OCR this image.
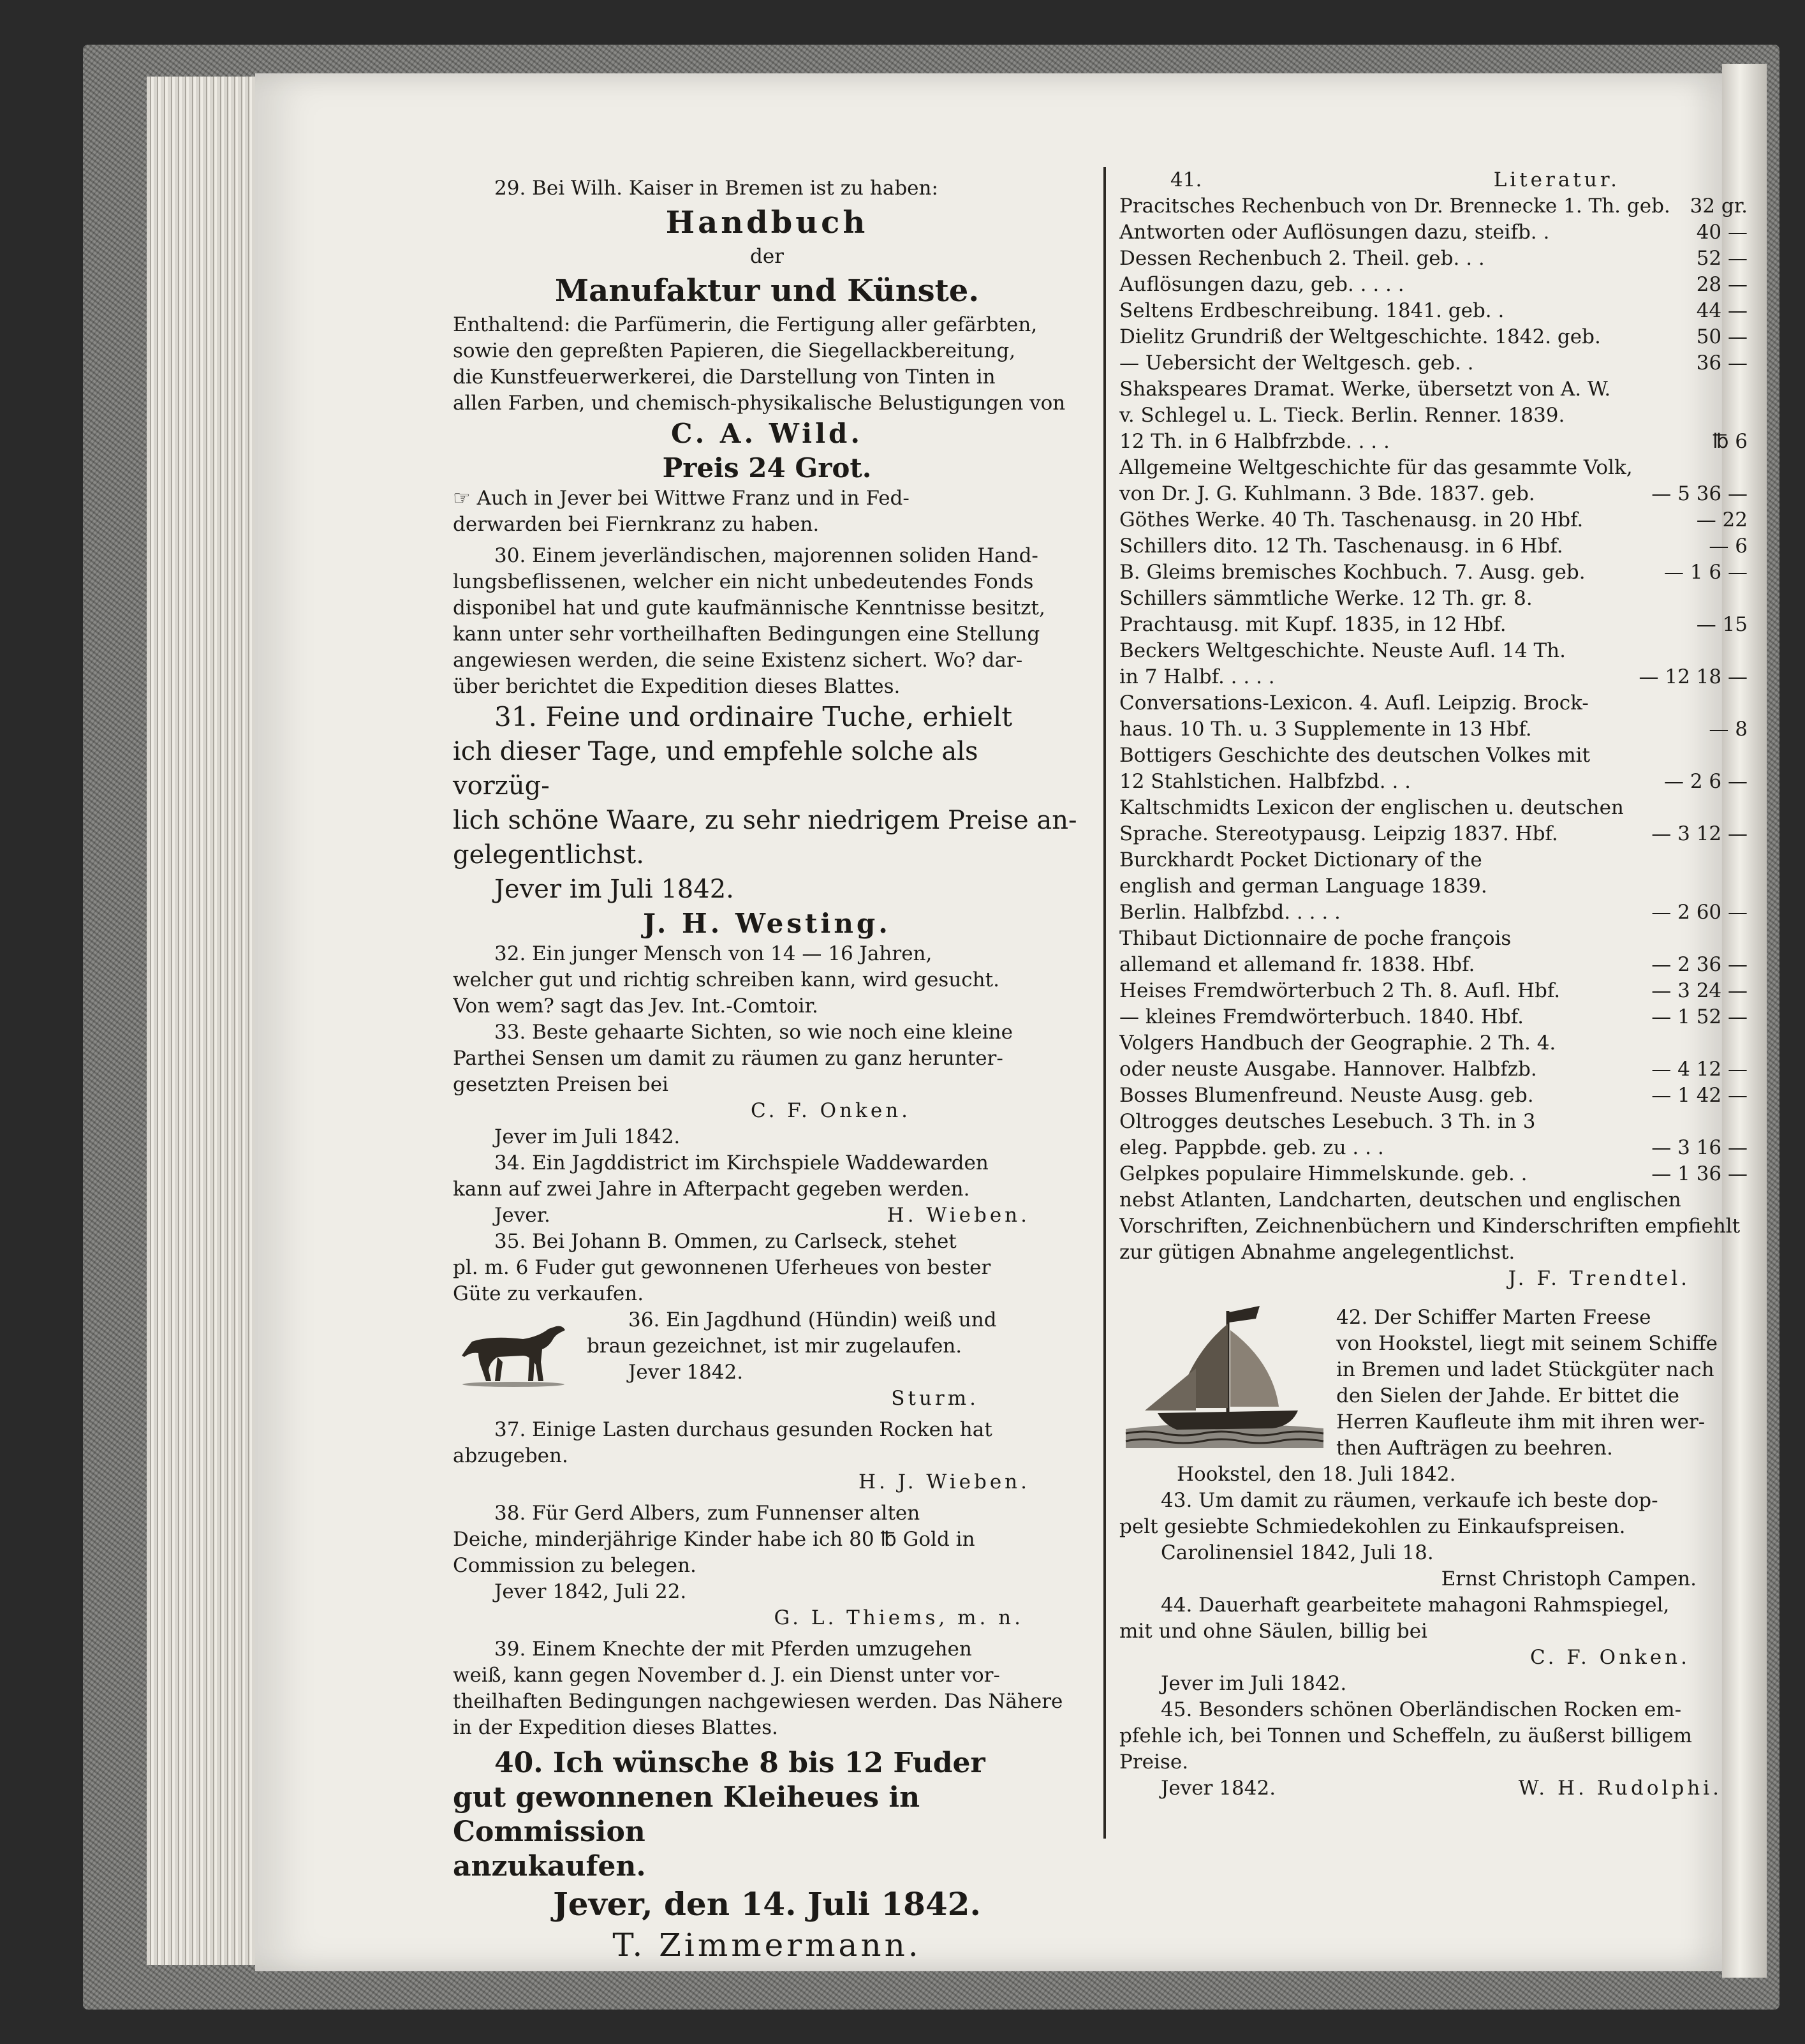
29. Bei Wilh. Kaiser in Bremen ist zu haben:
Handbuch
der
Manufaktur und Künste.
Enthaltend: die Parfümerin, die Fertigung aller gefärbten,
sowie den gepreßten Papieren, die Siegellackbereitung,
die Kunstfeuerwerkerei, die Darstellung von Tinten in
allen Farben, und chemisch-physikalische Belustigungen von
C. A. Wild.
Preis 24 Grot.
☞ Auch in Jever bei Wittwe Franz und in Fed-
derwarden bei Fiernkranz zu haben.
30. Einem jeverländischen, majorennen soliden Hand-
lungsbeflissenen, welcher ein nicht unbedeutendes Fonds
disponibel hat und gute kaufmännische Kenntnisse besitzt,
kann unter sehr vortheilhaften Bedingungen eine Stellung
angewiesen werden, die seine Existenz sichert. Wo? dar-
über berichtet die Expedition dieses Blattes.
31. Feine und ordinaire Tuche, erhielt
ich dieser Tage, und empfehle solche als vorzüg-
lich schöne Waare, zu sehr niedrigem Preise an-
gelegentlichst.
Jever im Juli 1842.
J. H. Westing.
32. Ein junger Mensch von 14 — 16 Jahren,
welcher gut und richtig schreiben kann, wird gesucht.
Von wem? sagt das Jev. Int.-Comtoir.
33. Beste gehaarte Sichten, so wie noch eine kleine
Parthei Sensen um damit zu räumen zu ganz herunter-
gesetzten Preisen bei
C. F. Onken.
Jever im Juli 1842.
34. Ein Jagddistrict im Kirchspiele Waddewarden
kann auf zwei Jahre in Afterpacht gegeben werden.
Jever.	H. Wieben.
35. Bei Johann B. Ommen, zu Carlseck, stehet
pl. m. 6 Fuder gut gewonnenen Uferheues von bester
Güte zu verkaufen.
36. Ein Jagdhund (Hündin) weiß und
braun gezeichnet, ist mir zugelaufen.
Jever 1842.
Sturm.
37. Einige Lasten durchaus gesunden Rocken hat
abzugeben.
H. J. Wieben.
38. Für Gerd Albers, zum Funnenser alten
Deiche, minderjährige Kinder habe ich 80 ℔ Gold in
Commission zu belegen.
Jever 1842, Juli 22.
G. L. Thiems, m. n.
39. Einem Knechte der mit Pferden umzugehen
weiß, kann gegen November d. J. ein Dienst unter vor-
theilhaften Bedingungen nachgewiesen werden. Das Nähere
in der Expedition dieses Blattes.
40. Ich wünsche 8 bis 12 Fuder
gut gewonnenen Kleiheues in Commission
anzukaufen.
Jever, den 14. Juli 1842.
T. Zimmermann.
41.	Literatur.
Pracitsches Rechenbuch von Dr. Brennecke 1. Th. geb. 32 gr.
Antworten oder Auflösungen dazu, steifb. .	40 —
Dessen Rechenbuch 2. Theil. geb. . .	52 —
Auflösungen dazu, geb. . . . .	28 —
Seltens Erdbeschreibung. 1841. geb. .	44 —
Dielitz Grundriß der Weltgeschichte. 1842. geb.	50 —
— Uebersicht der Weltgesch. geb. .	36 —
Shakspeares Dramat. Werke, übersetzt von A. W.
v. Schlegel u. L. Tieck. Berlin. Renner. 1839.
12 Th. in 6 Halbfrzbde. . . .	℔ 6
Allgemeine Weltgeschichte für das gesammte Volk,
von Dr. J. G. Kuhlmann. 3 Bde. 1837. geb.	— 5 36 —
Göthes Werke. 40 Th. Taschenausg. in 20 Hbf.	— 22
Schillers dito. 12 Th. Taschenausg. in 6 Hbf.	— 6
B. Gleims bremisches Kochbuch. 7. Ausg. geb.	— 1 6 —
Schillers sämmtliche Werke. 12 Th. gr. 8.
Prachtausg. mit Kupf. 1835, in 12 Hbf.	— 15
Beckers Weltgeschichte. Neuste Aufl. 14 Th.
in 7 Halbf. . . . .	— 12 18 —
Conversations-Lexicon. 4. Aufl. Leipzig. Brock-
haus. 10 Th. u. 3 Supplemente in 13 Hbf.	— 8
Bottigers Geschichte des deutschen Volkes mit
12 Stahlstichen. Halbfzbd. . .	— 2 6 —
Kaltschmidts Lexicon der englischen u. deutschen
Sprache. Stereotypausg. Leipzig 1837. Hbf.	— 3 12 —
Burckhardt Pocket Dictionary of the
english and german Language 1839.
Berlin. Halbfzbd. . . . .	— 2 60 —
Thibaut Dictionnaire de poche françois
allemand et allemand fr. 1838. Hbf.	— 2 36 —
Heises Fremdwörterbuch 2 Th. 8. Aufl. Hbf.	— 3 24 —
— kleines Fremdwörterbuch. 1840. Hbf.	— 1 52 —
Volgers Handbuch der Geographie. 2 Th. 4.
oder neuste Ausgabe. Hannover. Halbfzb.	— 4 12 —
Bosses Blumenfreund. Neuste Ausg. geb.	— 1 42 —
Oltrogges deutsches Lesebuch. 3 Th. in 3
eleg. Pappbde. geb. zu . . .	— 3 16 —
Gelpkes populaire Himmelskunde. geb. .	— 1 36 —
nebst Atlanten, Landcharten, deutschen und englischen
Vorschriften, Zeichnenbüchern und Kinderschriften empfiehlt
zur gütigen Abnahme angelegentlichst.
J. F. Trendtel.
42. Der Schiffer Marten Freese
von Hookstel, liegt mit seinem Schiffe
in Bremen und ladet Stückgüter nach
den Sielen der Jahde. Er bittet die
Herren Kaufleute ihm mit ihren wer-
then Aufträgen zu beehren.
Hookstel, den 18. Juli 1842.
43. Um damit zu räumen, verkaufe ich beste dop-
pelt gesiebte Schmiedekohlen zu Einkaufspreisen.
Carolinensiel 1842, Juli 18.
Ernst Christoph Campen.
44. Dauerhaft gearbeitete mahagoni Rahmspiegel,
mit und ohne Säulen, billig bei
C. F. Onken.
Jever im Juli 1842.
45. Besonders schönen Oberländischen Rocken em-
pfehle ich, bei Tonnen und Scheffeln, zu äußerst billigem
Preise.
Jever 1842.	W. H. Rudolphi.
